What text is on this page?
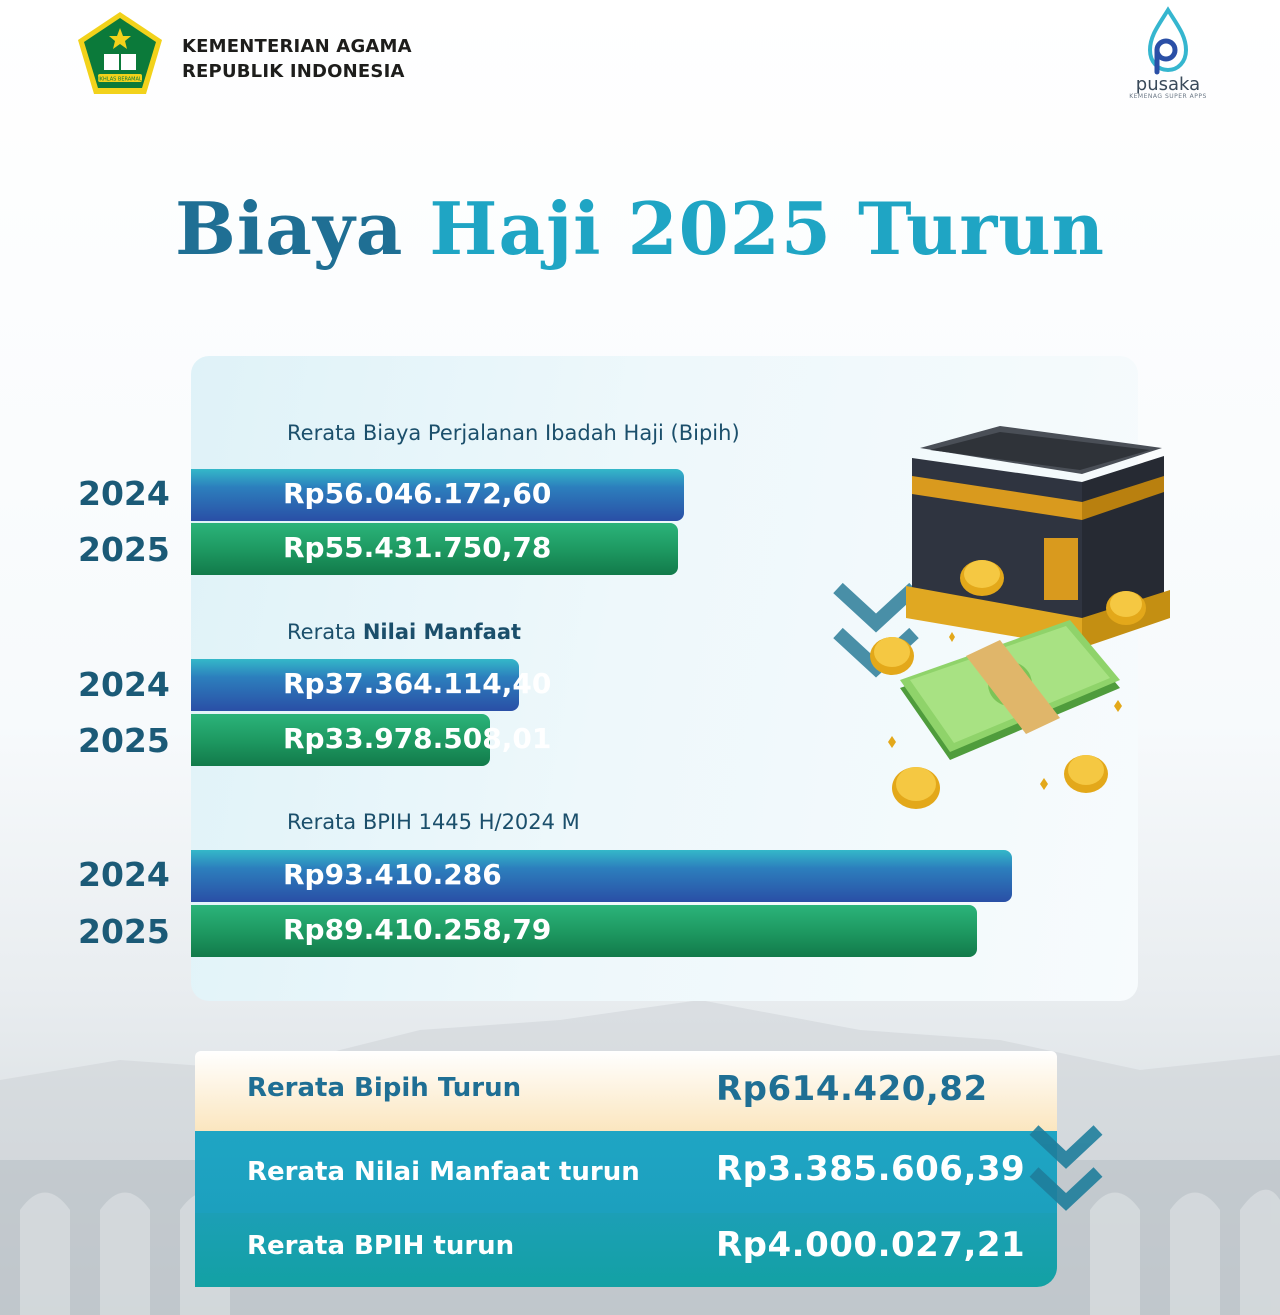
IKHLAS BERAMAL
KEMENTERIAN AGAMA
REPUBLIK INDONESIA
pusaka
KEMENAG SUPER APPS
Biaya Haji 2025 Turun
Rerata Biaya Perjalanan Ibadah Haji (Bipih)
2024	Rp56.046.172,60
2025	Rp55.431.750,78
Rerata Nilai Manfaat
2024	Rp37.364.114,40
2025	Rp33.978.508,01
Rerata BPIH 1445 H/2024 M
2024	Rp93.410.286
2025	Rp89.410.258,79
Rerata Bipih Turun	Rp614.420,82
Rerata Nilai Manfaat turun Rp3.385.606,39
Rerata BPIH turun	Rp4.000.027,21
